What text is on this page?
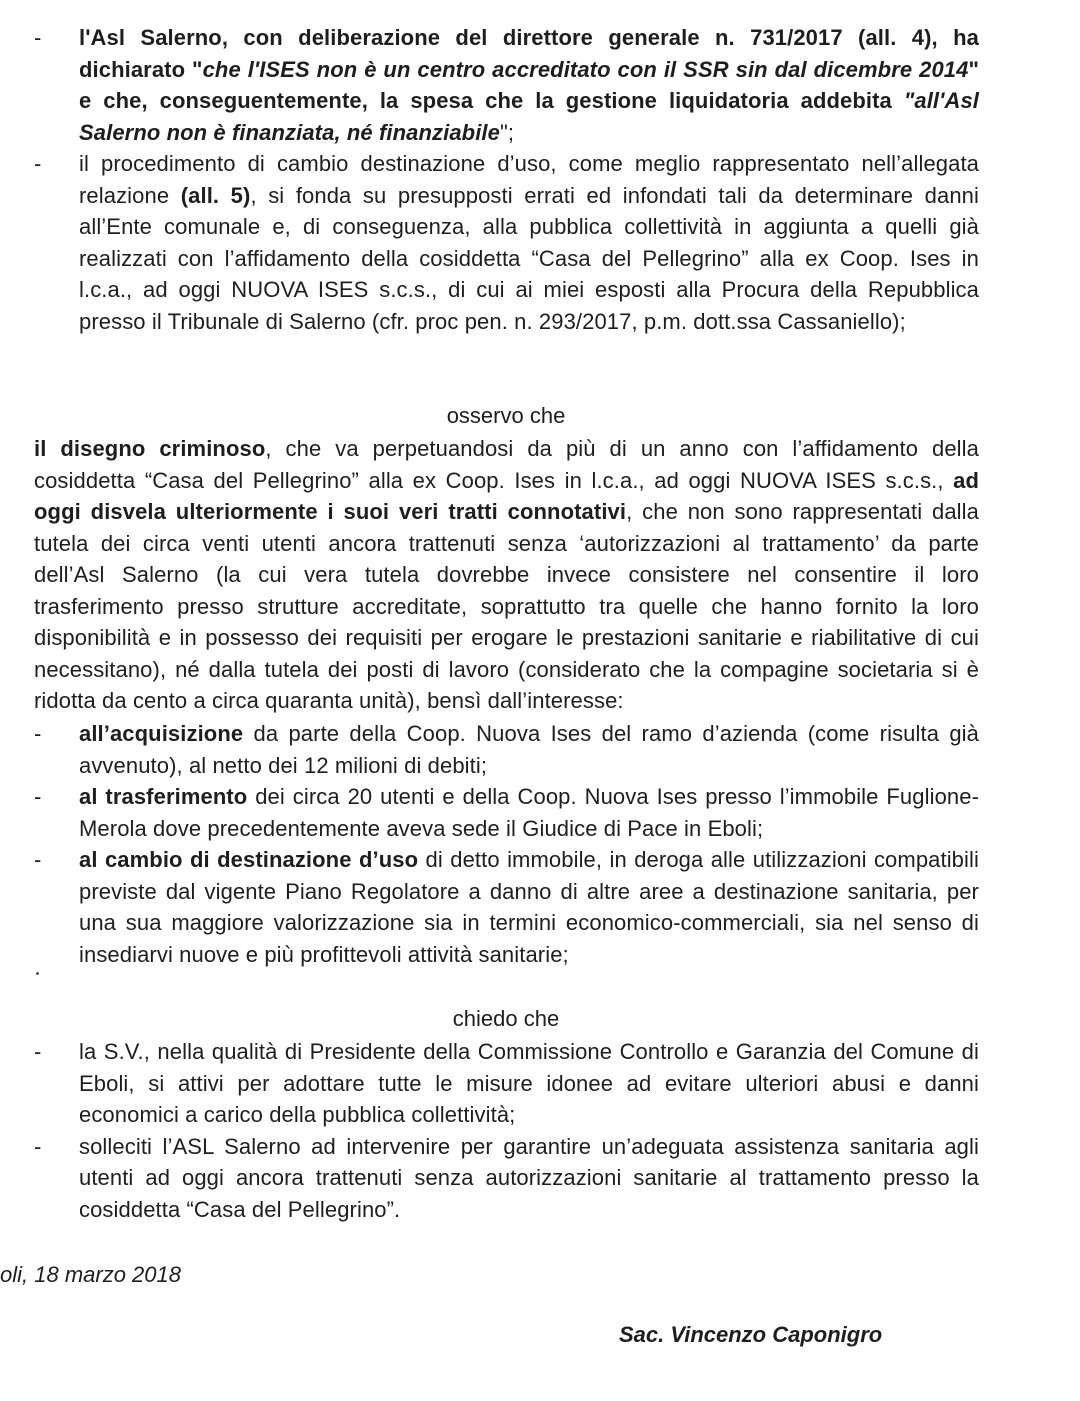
-	l'Asl Salerno, con deliberazione del direttore generale n. 731/2017 (all. 4), ha dichiarato "che l'ISES non è un centro accreditato con il SSR sin dal dicembre 2014" e che, conseguentemente, la spesa che la gestione liquidatoria addebita "all'Asl Salerno non è finanziata, né finanziabile";
-	il procedimento di cambio destinazione d’uso, come meglio rappresentato nell’allegata relazione (all. 5), si fonda su presupposti errati ed infondati tali da determinare danni all’Ente comunale e, di conseguenza, alla pubblica collettività in aggiunta a quelli già realizzati con l’affidamento della cosiddetta “Casa del Pellegrino” alla ex Coop. Ises in l.c.a., ad oggi NUOVA ISES s.c.s., di cui ai miei esposti alla Procura della Repubblica presso il Tribunale di Salerno (cfr. proc pen. n. 293/2017, p.m. dott.ssa Cassaniello);
osservo che

il disegno criminoso, che va perpetuandosi da più di un anno con l’affidamento della cosiddetta “Casa del Pellegrino” alla ex Coop. Ises in l.c.a., ad oggi NUOVA ISES s.c.s., ad oggi disvela ulteriormente i suoi veri tratti connotativi, che non sono rappresentati dalla tutela dei circa venti utenti ancora trattenuti senza ‘autorizzazioni al trattamento’ da parte dell’Asl Salerno (la cui vera tutela dovrebbe invece consistere nel consentire il loro trasferimento presso strutture accreditate, soprattutto tra quelle che hanno fornito la loro disponibilità e in possesso dei requisiti per erogare le prestazioni sanitarie e riabilitative di cui necessitano), né dalla tutela dei posti di lavoro (considerato che la compagine societaria si è ridotta da cento a circa quaranta unità), bensì dall’interesse:

-	all’acquisizione da parte della Coop. Nuova Ises del ramo d’azienda (come risulta già avvenuto), al netto dei 12 milioni di debiti;
-	al trasferimento dei circa 20 utenti e della Coop. Nuova Ises presso l’immobile Fuglione-Merola dove precedentemente aveva sede il Giudice di Pace in Eboli;
-	al cambio di destinazione d’uso di detto immobile, in deroga alle utilizzazioni compatibili previste dal vigente Piano Regolatore a danno di altre aree a destinazione sanitaria, per una sua maggiore valorizzazione sia in termini economico-commerciali, sia nel senso di insediarvi nuove e più profittevoli attività sanitarie;
chiedo che
-	la S.V., nella qualità di Presidente della Commissione Controllo e Garanzia del Comune di Eboli, si attivi per adottare tutte le misure idonee ad evitare ulteriori abusi e danni economici a carico della pubblica collettività;
-	solleciti l’ASL Salerno ad intervenire per garantire un’adeguata assistenza sanitaria agli utenti ad oggi ancora trattenuti senza autorizzazioni sanitarie al trattamento presso la cosiddetta “Casa del Pellegrino”.
oli, 18 marzo 2018
Sac. Vincenzo Caponigro
